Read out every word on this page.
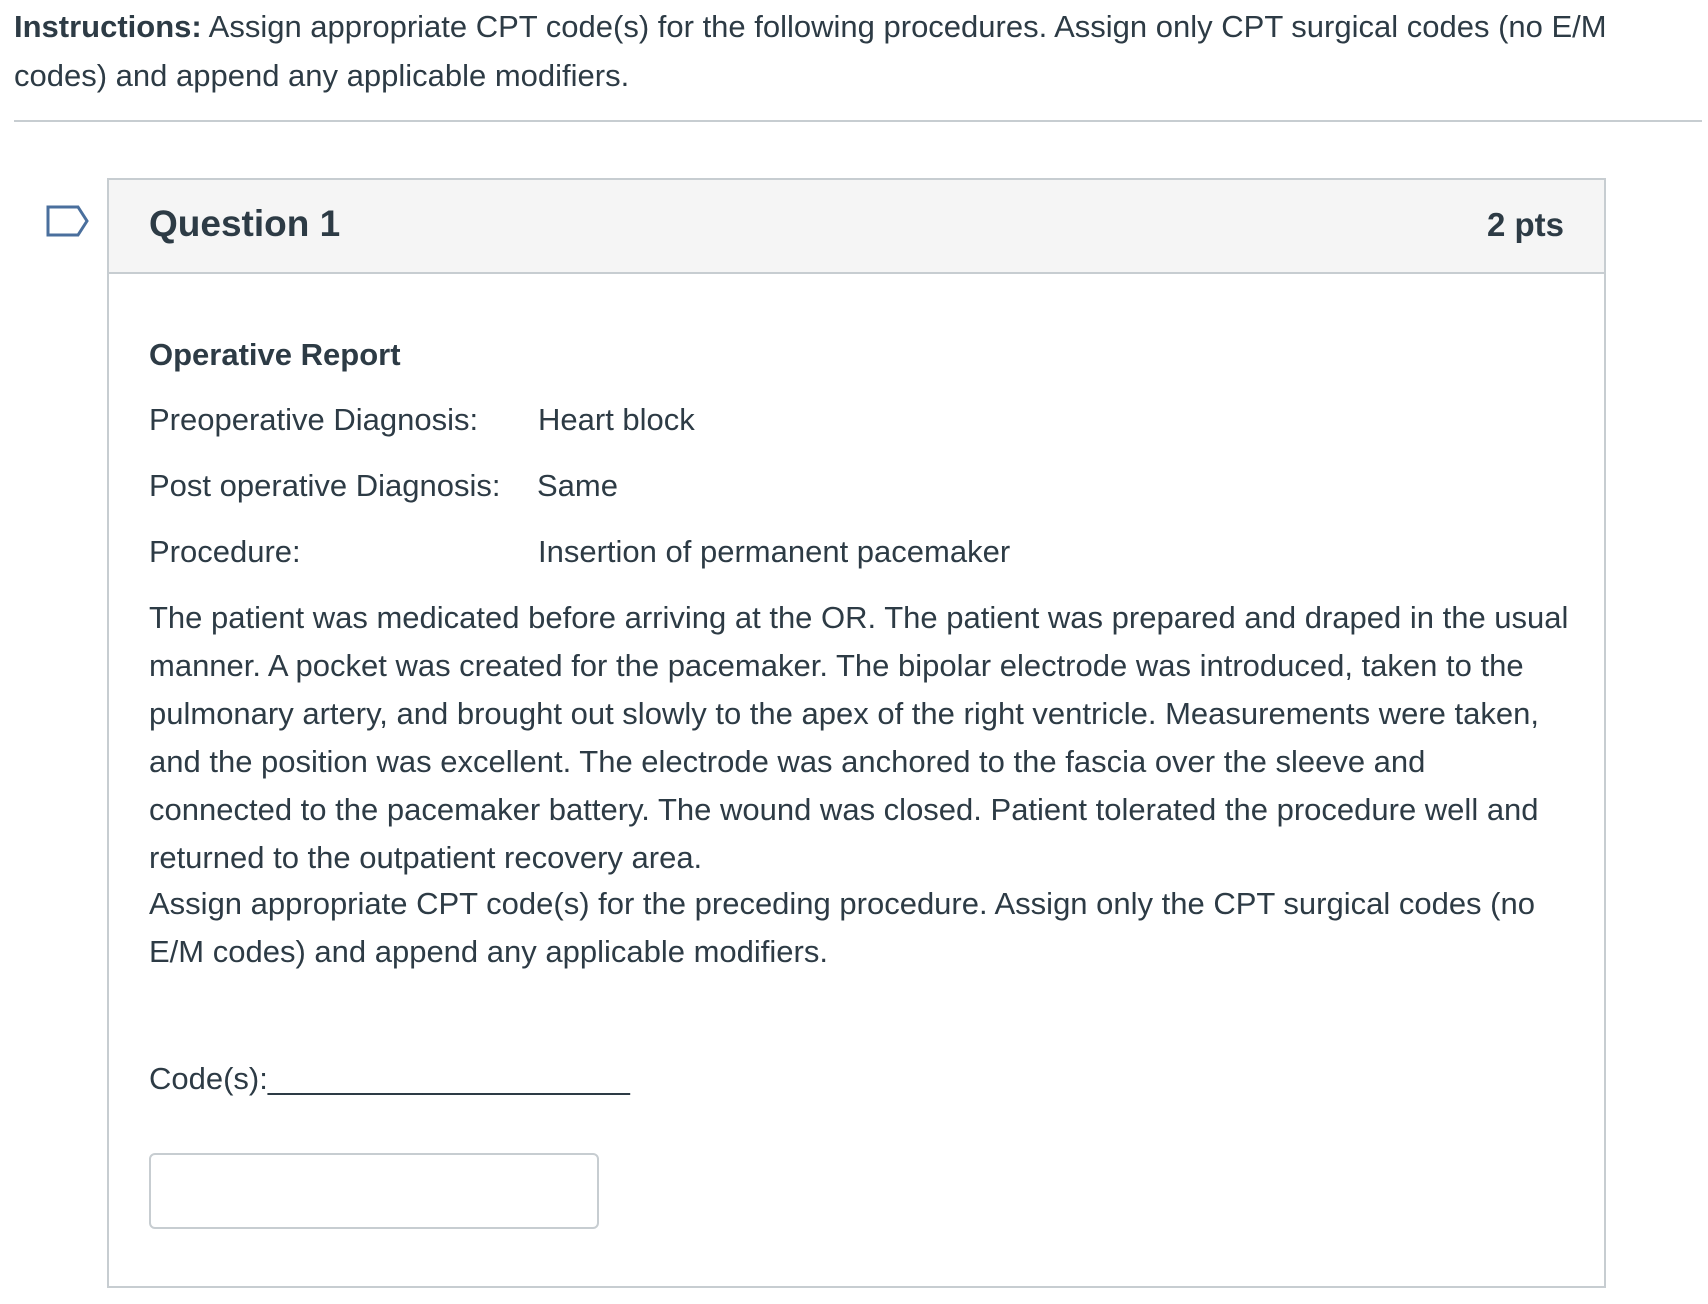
Instructions: Assign appropriate CPT code(s) for the following procedures. Assign only CPT surgical codes (no E/M codes) and append any applicable modifiers.

Question 1	2 pts
Operative Report
Preoperative Diagnosis: Heart block
Post operative Diagnosis: Same
Procedure:	Insertion of permanent pacemaker

The patient was medicated before arriving at the OR. The patient was prepared and draped in the usual manner. A pocket was created for the pacemaker. The bipolar electrode was introduced, taken to the pulmonary artery, and brought out slowly to the apex of the right ventricle. Measurements were taken, and the position was excellent. The electrode was anchored to the fascia over the sleeve and connected to the pacemaker battery. The wound was closed. Patient tolerated the procedure well and returned to the outpatient recovery area.

Assign appropriate CPT code(s) for the preceding procedure. Assign only the CPT surgical codes (no E/M codes) and append any applicable modifiers.

Code(s):_____________________
